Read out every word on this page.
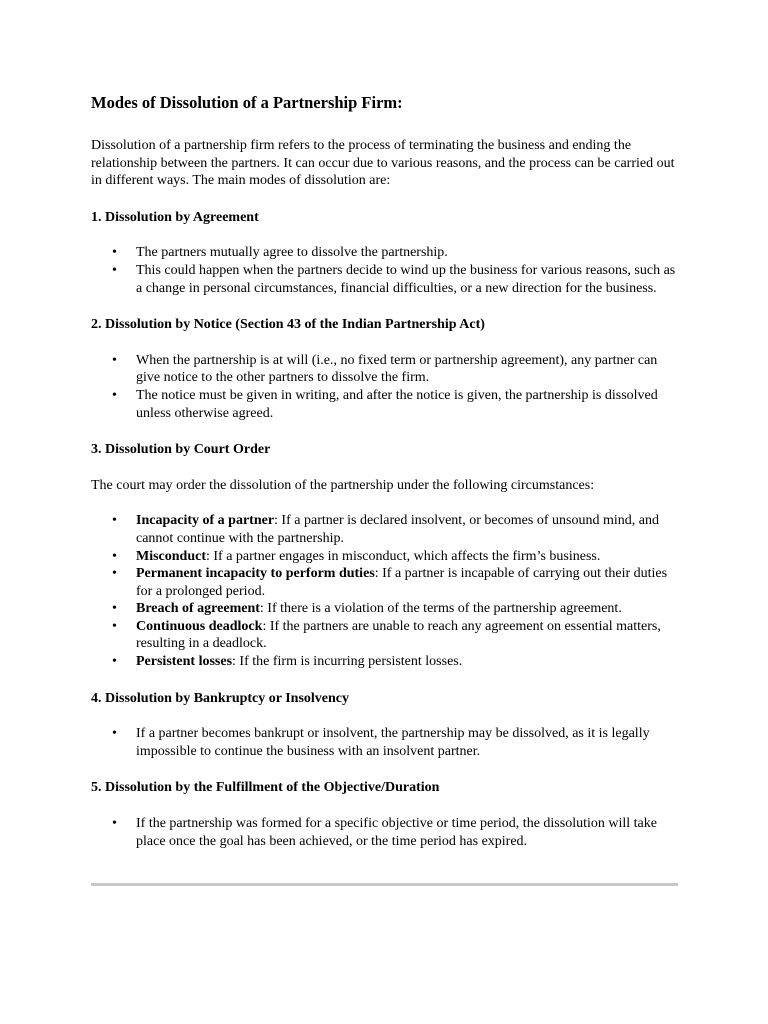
Modes of Dissolution of a Partnership Firm:

Dissolution of a partnership firm refers to the process of terminating the business and ending the relationship between the partners. It can occur due to various reasons, and the process can be carried out in different ways. The main modes of dissolution are:

1. Dissolution by Agreement
• The partners mutually agree to dissolve the partnership.
• This could happen when the partners decide to wind up the business for various reasons, such as a change in personal circumstances, financial difficulties, or a new direction for the business.
2. Dissolution by Notice (Section 43 of the Indian Partnership Act)
• When the partnership is at will (i.e., no fixed term or partnership agreement), any partner can give notice to the other partners to dissolve the firm.
• The notice must be given in writing, and after the notice is given, the partnership is dissolved unless otherwise agreed.
3. Dissolution by Court Order

The court may order the dissolution of the partnership under the following circumstances:

• Incapacity of a partner: If a partner is declared insolvent, or becomes of unsound mind, and cannot continue with the partnership.
• Misconduct: If a partner engages in misconduct, which affects the firm’s business.
• Permanent incapacity to perform duties: If a partner is incapable of carrying out their duties for a prolonged period.
• Breach of agreement: If there is a violation of the terms of the partnership agreement.
• Continuous deadlock: If the partners are unable to reach any agreement on essential matters, resulting in a deadlock.
• Persistent losses: If the firm is incurring persistent losses.
4. Dissolution by Bankruptcy or Insolvency
• If a partner becomes bankrupt or insolvent, the partnership may be dissolved, as it is legally impossible to continue the business with an insolvent partner.
5. Dissolution by the Fulfillment of the Objective/Duration
• If the partnership was formed for a specific objective or time period, the dissolution will take place once the goal has been achieved, or the time period has expired.
